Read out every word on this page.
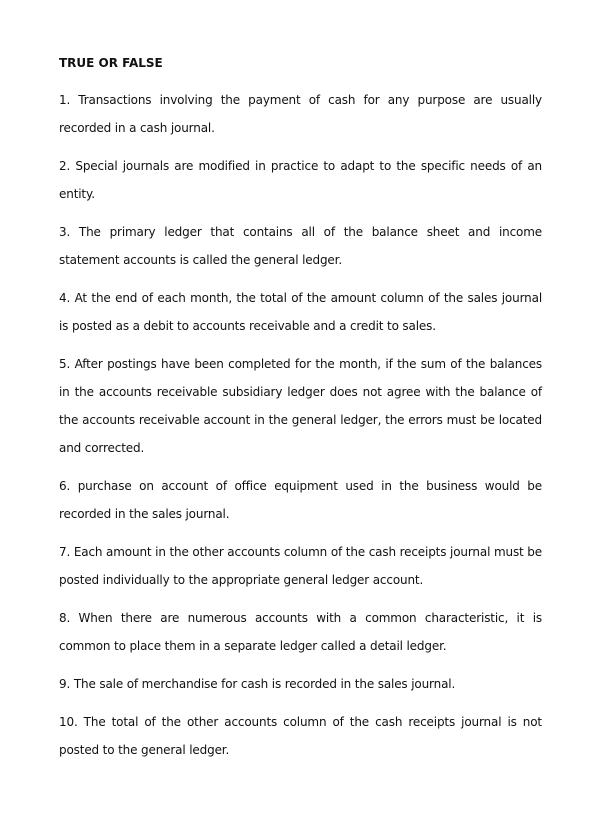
TRUE OR FALSE

1. Transactions involving the payment of cash for any purpose are usually recorded in a cash journal.

2. Special journals are modified in practice to adapt to the specific needs of an entity.

3. The primary ledger that contains all of the balance sheet and income statement accounts is called the general ledger.

4. At the end of each month, the total of the amount column of the sales journal is posted as a debit to accounts receivable and a credit to sales.

5. After postings have been completed for the month, if the sum of the balances in the accounts receivable subsidiary ledger does not agree with the balance of the accounts receivable account in the general ledger, the errors must be located and corrected.

6. purchase on account of office equipment used in the business would be recorded in the sales journal.

7. Each amount in the other accounts column of the cash receipts journal must be posted individually to the appropriate general ledger account.

8. When there are numerous accounts with a common characteristic, it is common to place them in a separate ledger called a detail ledger.

9. The sale of merchandise for cash is recorded in the sales journal.

10. The total of the other accounts column of the cash receipts journal is not posted to the general ledger.
